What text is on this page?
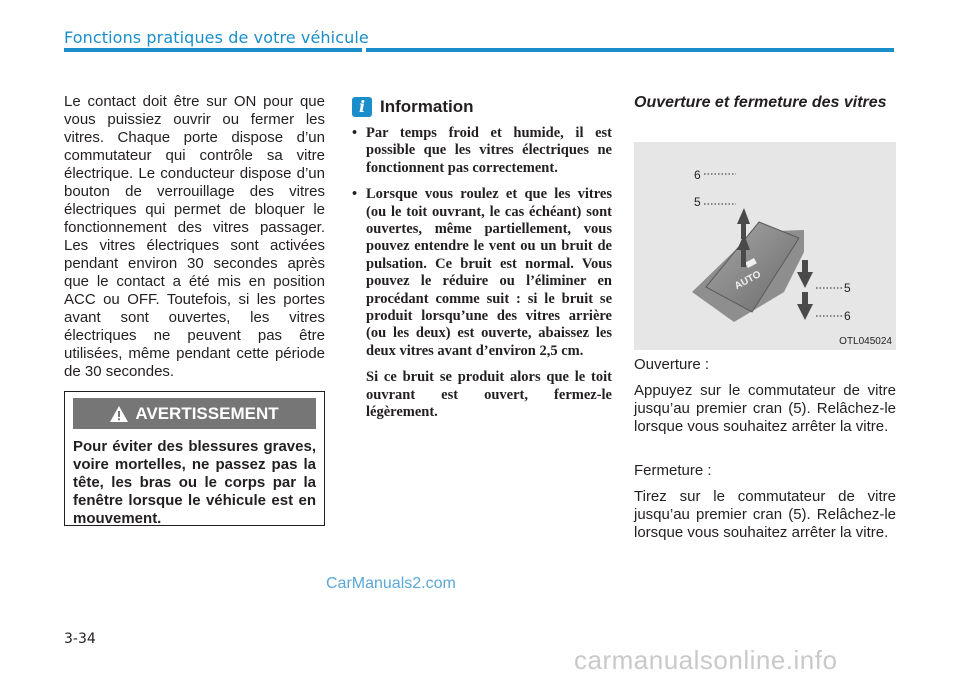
Fonctions pratiques de votre véhicule
Le contact doit être sur ON pour que vous puissiez ouvrir ou fermer les vitres. Chaque porte dispose d’un commutateur qui contrôle sa vitre électrique. Le conducteur dispose d’un bouton de verrouillage des vitres électriques qui permet de bloquer le fonctionnement des vitres passager. Les vitres électriques sont activées pendant environ 30 secondes après que le contact a été mis en position ACC ou OFF. Toutefois, si les portes avant sont ouvertes, les vitres électriques ne peuvent pas être utilisées, même pendant cette période de 30 secondes.
AVERTISSEMENT
Pour éviter des blessures graves, voire mortelles, ne passez pas la tête, les bras ou le corps par la fenêtre lorsque le véhicule est en mouvement.
i Information
• Par temps froid et humide, il est possible que les vitres électriques ne fonctionnent pas correctement.
• Lorsque vous roulez et que les vitres (ou le toit ouvrant, le cas échéant) sont ouvertes, même partiellement, vous pouvez entendre le vent ou un bruit de pulsation. Ce bruit est normal. Vous pouvez le réduire ou l’éliminer en procédant comme suit : si le bruit se produit lorsqu’une des vitres arrière (ou les deux) est ouverte, abaissez les deux vitres avant d’environ 2,5 cm.

Si ce bruit se produit alors que le toit ouvrant est ouvert, fermez-le légèrement.

Ouverture et fermeture des vitres
AUTO
6
5
5
6
OTL045024

Ouverture :

Appuyez sur le commutateur de vitre jusqu’au premier cran (5). Relâchez-le lorsque vous souhaitez arrêter la vitre.

Fermeture :

Tirez sur le commutateur de vitre jusqu’au premier cran (5). Relâchez-le lorsque vous souhaitez arrêter la vitre.

CarManuals2.com
3-34
carmanualsonline.info
